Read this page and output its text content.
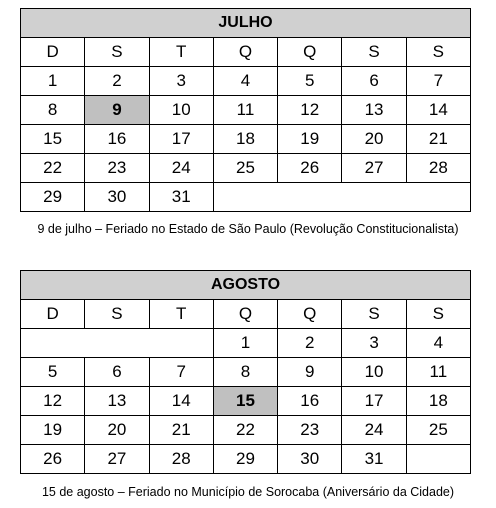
JULHO						
D	S	T	Q	Q	S	S
1	2	3	4	5	6	7
8	9	10	11	12	13	14
15	16	17	18	19	20	21
22	23	24	25	26	27	28
29	30	31				
9 de julho – Feriado no Estado de São Paulo (Revolução Constitucionalista)
AGOSTO						
D	S	T	Q	Q	S	S
			1	2	3	4
5	6	7	8	9	10	11
12	13	14	15	16	17	18
19	20	21	22	23	24	25
26	27	28	29	30	31	
15 de agosto – Feriado no Município de Sorocaba (Aniversário da Cidade)
